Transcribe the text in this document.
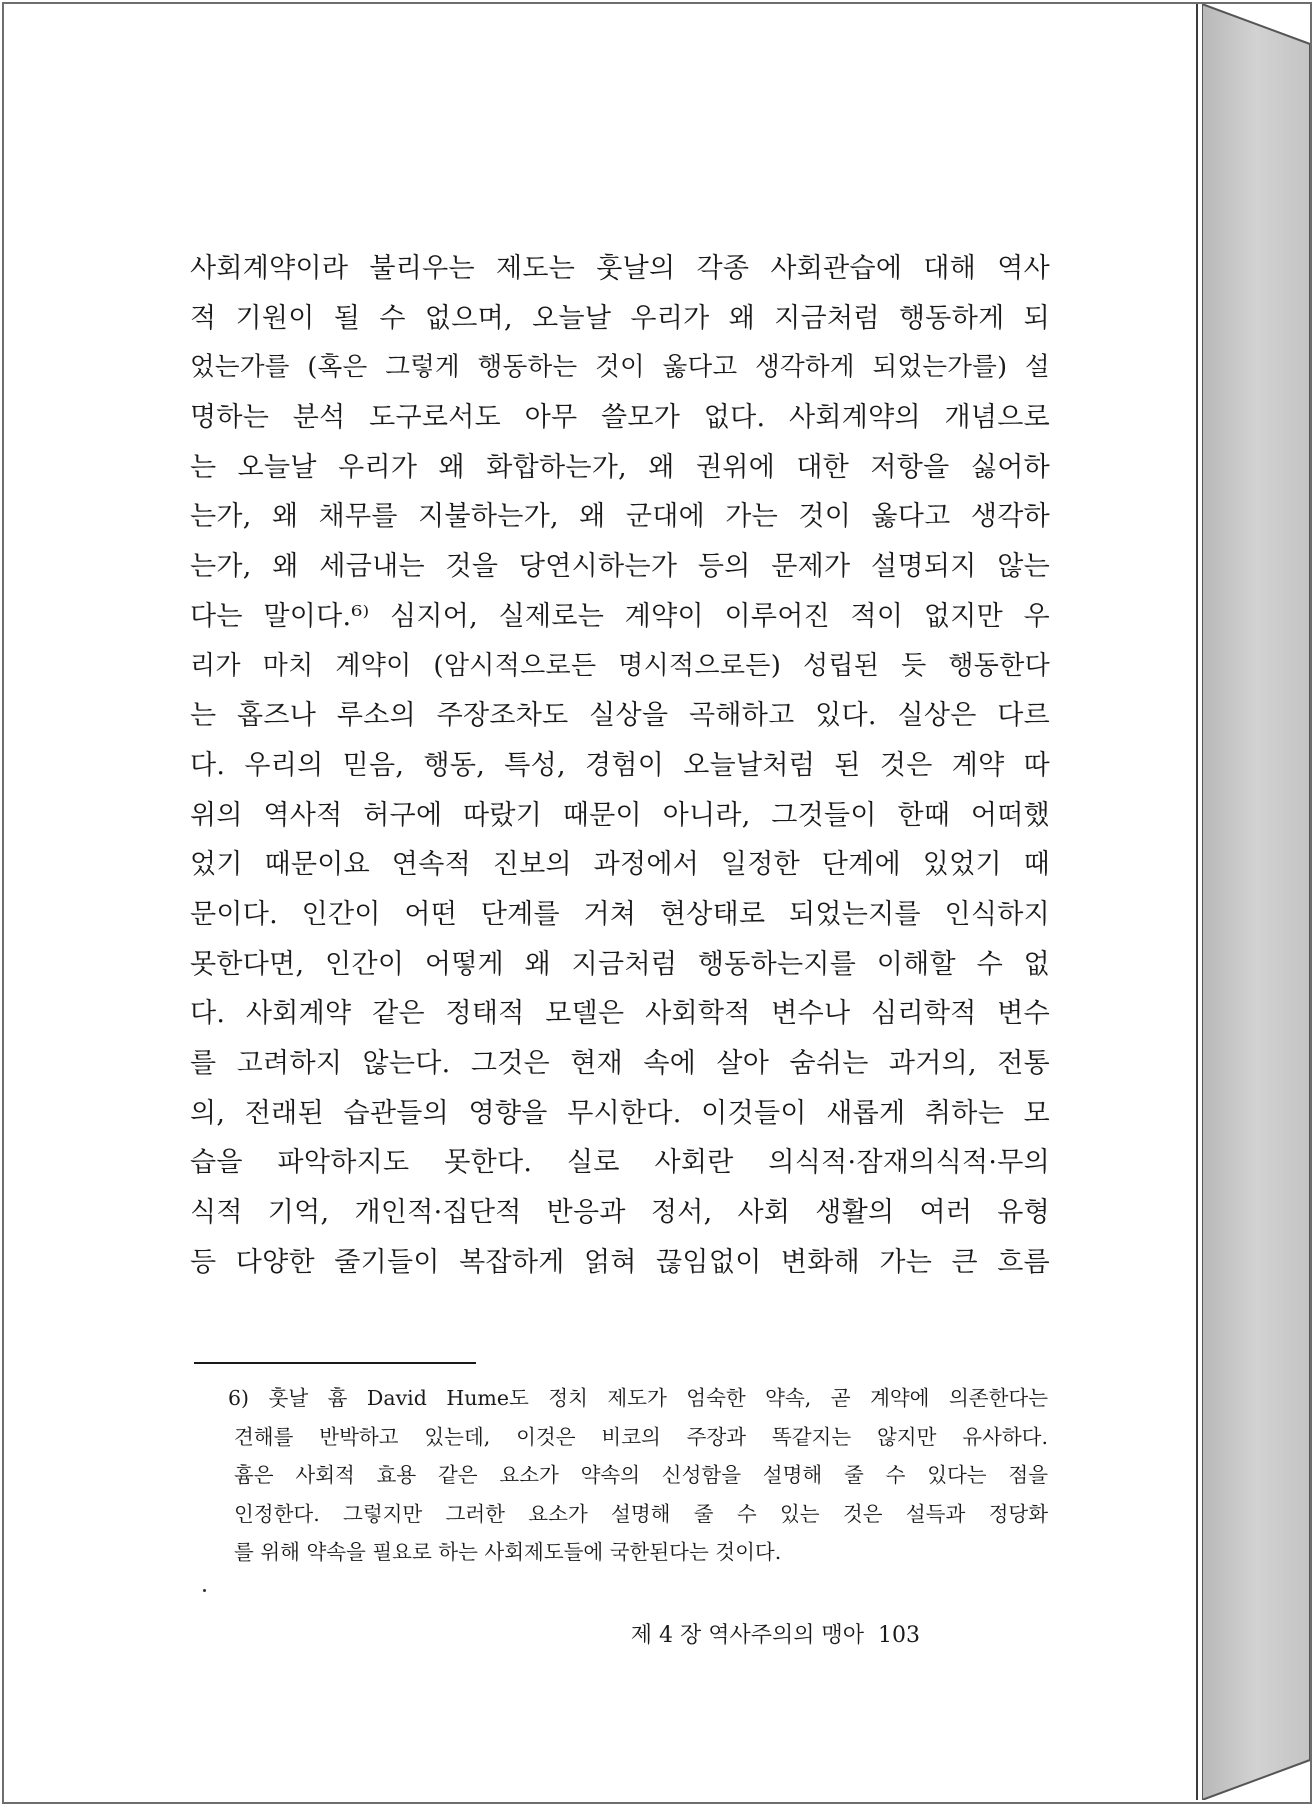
사회계약이라 불리우는 제도는 훗날의 각종 사회관습에 대해 역사
적 기원이 될 수 없으며, 오늘날 우리가 왜 지금처럼 행동하게 되
었는가를 (혹은 그렇게 행동하는 것이 옳다고 생각하게 되었는가를) 설
명하는 분석 도구로서도 아무 쓸모가 없다. 사회계약의 개념으로
는 오늘날 우리가 왜 화합하는가, 왜 권위에 대한 저항을 싫어하
는가, 왜 채무를 지불하는가, 왜 군대에 가는 것이 옳다고 생각하
는가, 왜 세금내는 것을 당연시하는가 등의 문제가 설명되지 않는
다는 말이다.⁶⁾ 심지어, 실제로는 계약이 이루어진 적이 없지만 우
리가 마치 계약이 (암시적으로든 명시적으로든) 성립된 듯 행동한다
는 홉즈나 루소의 주장조차도 실상을 곡해하고 있다. 실상은 다르
다. 우리의 믿음, 행동, 특성, 경험이 오늘날처럼 된 것은 계약 따
위의 역사적 허구에 따랐기 때문이 아니라, 그것들이 한때 어떠했
었기 때문이요 연속적 진보의 과정에서 일정한 단계에 있었기 때
문이다. 인간이 어떤 단계를 거쳐 현상태로 되었는지를 인식하지
못한다면, 인간이 어떻게 왜 지금처럼 행동하는지를 이해할 수 없
다. 사회계약 같은 정태적 모델은 사회학적 변수나 심리학적 변수
를 고려하지 않는다. 그것은 현재 속에 살아 숨쉬는 과거의, 전통
의, 전래된 습관들의 영향을 무시한다. 이것들이 새롭게 취하는 모
습을 파악하지도 못한다. 실로 사회란 의식적·잠재의식적·무의
식적 기억, 개인적·집단적 반응과 정서, 사회 생활의 여러 유형
등 다양한 줄기들이 복잡하게 얽혀 끊임없이 변화해 가는 큰 흐름
6) 훗날 흄 David Hume도 정치 제도가 엄숙한 약속, 곧 계약에 의존한다는
견해를 반박하고 있는데, 이것은 비코의 주장과 똑같지는 않지만 유사하다.
흄은 사회적 효용 같은 요소가 약속의 신성함을 설명해 줄 수 있다는 점을
인정한다. 그렇지만 그러한 요소가 설명해 줄 수 있는 것은 설득과 정당화
를 위해 약속을 필요로 하는 사회제도들에 국한된다는 것이다.
제 4 장 역사주의의 맹아 103
